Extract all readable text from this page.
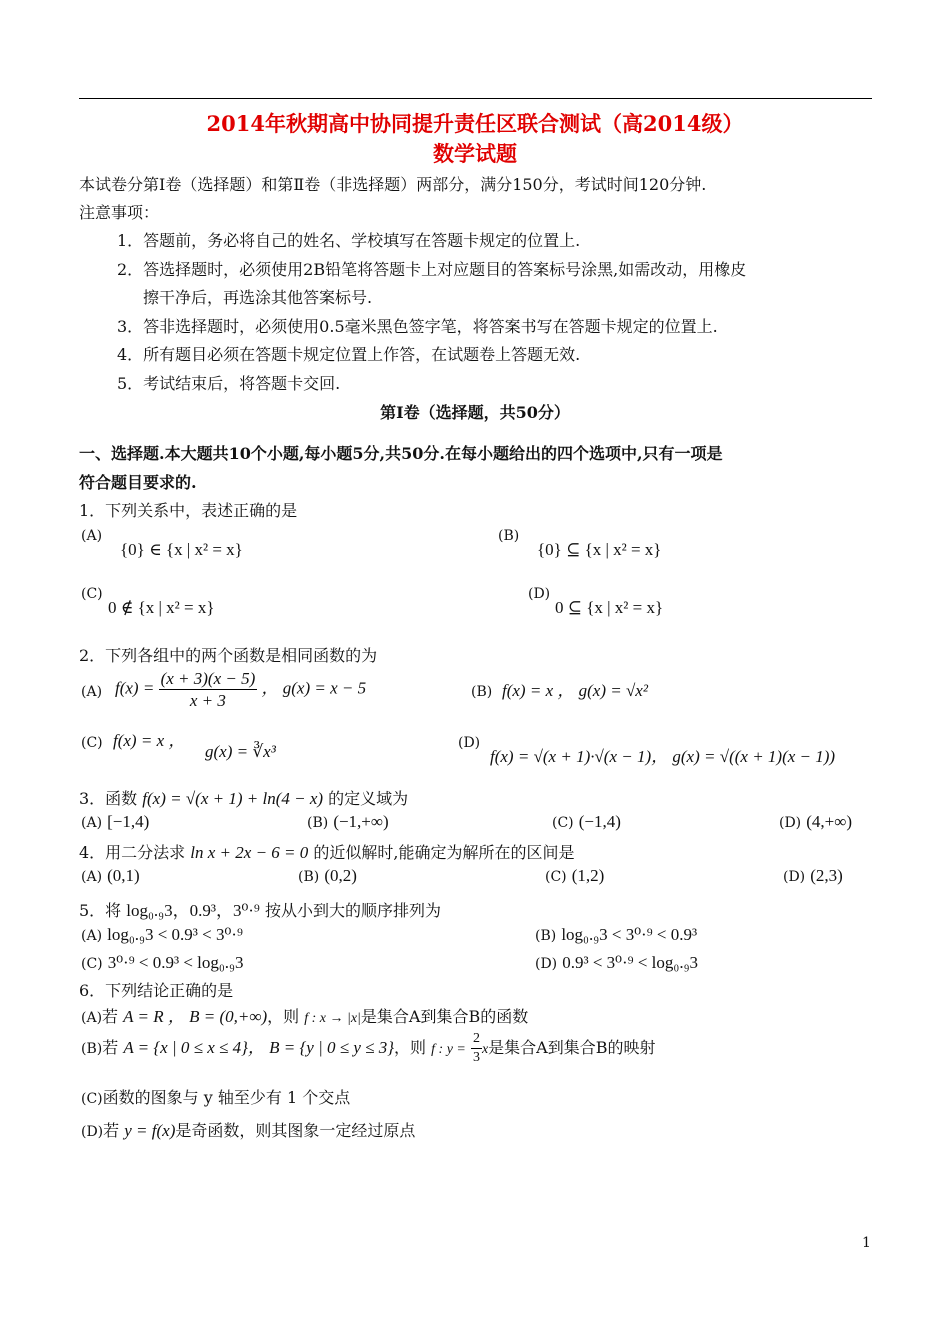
2014年秋期高中协同提升责任区联合测试（高2014级）
数学试题
本试卷分第Ⅰ卷（选择题）和第Ⅱ卷（非选择题）两部分，满分150分，考试时间120分钟.
注意事项：
1．答题前，务必将自己的姓名、学校填写在答题卡规定的位置上.
2．答选择题时，必须使用2B铅笔将答题卡上对应题目的答案标号涂黑,如需改动，用橡皮
擦干净后，再选涂其他答案标号.
3．答非选择题时，必须使用0.5毫米黑色签字笔，将答案书写在答题卡规定的位置上.
4．所有题目必须在答题卡规定位置上作答，在试题卷上答题无效.
5．考试结束后，将答题卡交回.
第Ⅰ卷（选择题，共50分）
一、选择题.本大题共10个小题,每小题5分,共50分.在每小题给出的四个选项中,只有一项是
符合题目要求的.
1．下列关系中，表述正确的是
(A)
{0} ∈ {x | x² = x}
(B)
{0} ⊆ {x | x² = x}
(C)
0 ∉ {x | x² = x}
(D)
0 ⊆ {x | x² = x}
2．下列各组中的两个函数是相同函数的为
(A) $f(x) = \frac{(x + 3)(x - 5)}{x + 3}$ ， g(x) = x − 5	(B) f(x) = x ， g(x) = √x²
(C) f(x) = x ，
g(x) = ∛x³	(D)
f(x) = √(x + 1)·√(x − 1)， g(x) = √((x + 1)(x − 1))
3．函数 f(x) = √(x + 1) + ln(4 − x) 的定义域为
(A) [−1,4)	(B) (−1,+∞)	(C) (−1,4)	(D) (4,+∞)
4．用二分法求 ln x + 2x − 6 = 0 的近似解时,能确定为解所在的区间是
(A) (0,1)	(B) (0,2)	(C) (1,2)	(D) (2,3)
5．将 log₀.₉3，0.9³，3⁰·⁹ 按从小到大的顺序排列为
(A) log₀.₉3 < 0.9³ < 3⁰·⁹	(B) log₀.₉3 < 3⁰·⁹ < 0.9³
(C) 3⁰·⁹ < 0.9³ < log₀.₉3	(D) 0.9³ < 3⁰·⁹ < log₀.₉3
6．下列结论正确的是
(A)若 A = R ， B = (0,+∞)，则 f : x → |x|是集合A到集合B的函数
(B)若 A = {x | 0 ≤ x ≤ 4}， B = {y | 0 ≤ y ≤ 3}，则 f : $y = \frac{2}{3}$ x是集合A到集合B的映射
(C)函数的图象与 y 轴至少有 1 个交点
(D)若 y = f(x)是奇函数，则其图象一定经过原点
1
